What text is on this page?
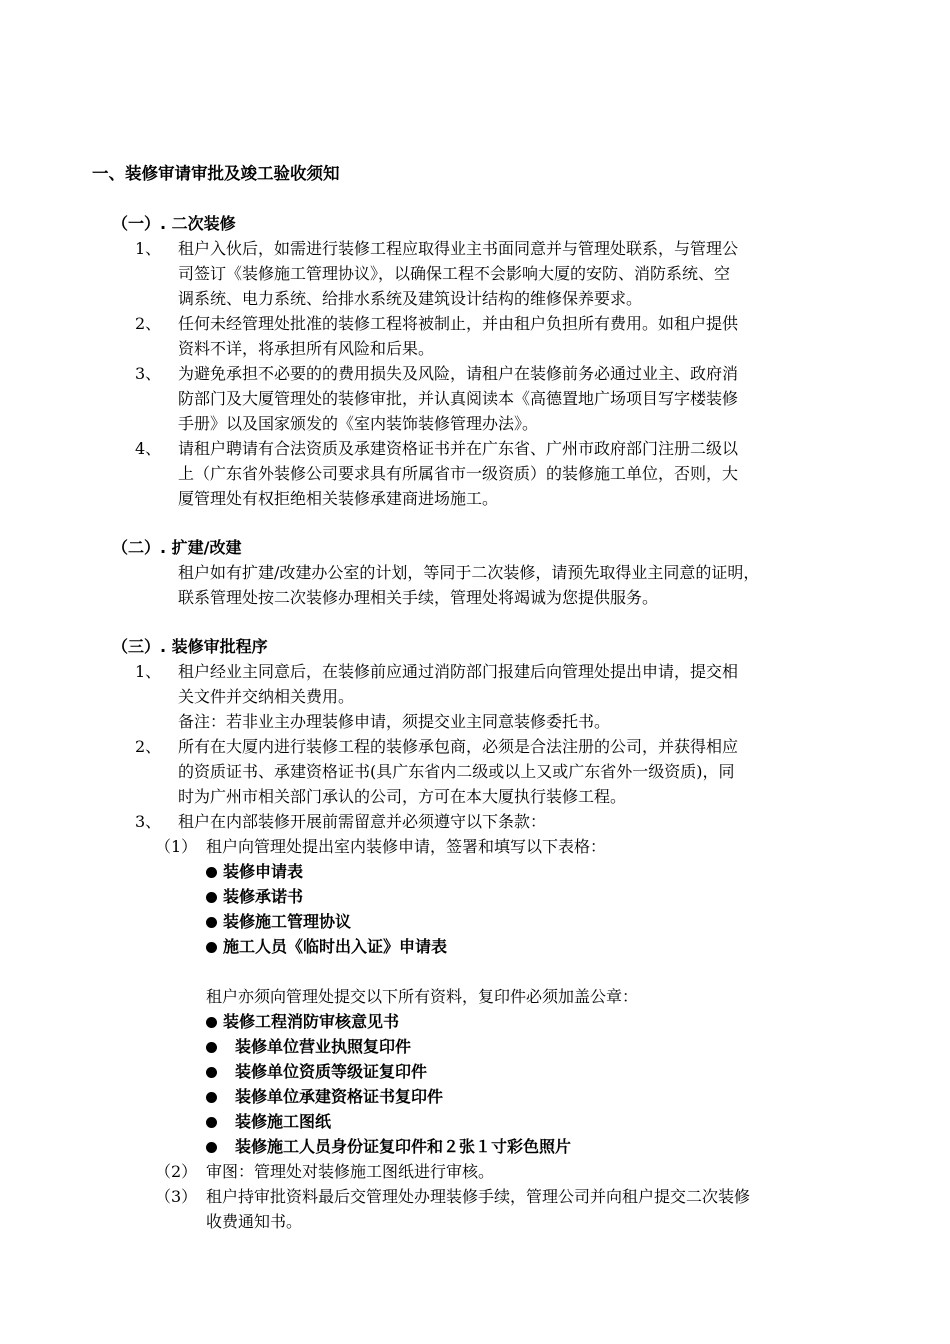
一、装修审请审批及竣工验收须知
（一）. 二次装修
1、 租户入伙后，如需进行装修工程应取得业主书面同意并与管理处联系，与管理公
司签订《装修施工管理协议》，以确保工程不会影响大厦的安防、消防系统、空
调系统、电力系统、给排水系统及建筑设计结构的维修保养要求。
2、 任何未经管理处批准的装修工程将被制止，并由租户负担所有费用。如租户提供
资料不详，将承担所有风险和后果。
3、 为避免承担不必要的的费用损失及风险，请租户在装修前务必通过业主、政府消
防部门及大厦管理处的装修审批，并认真阅读本《高德置地广场项目写字楼装修
手册》以及国家颁发的《室内装饰装修管理办法》。
4、 请租户聘请有合法资质及承建资格证书并在广东省、广州市政府部门注册二级以
上（广东省外装修公司要求具有所属省市一级资质）的装修施工单位，否则，大
厦管理处有权拒绝相关装修承建商进场施工。
（二）. 扩建/改建
租户如有扩建/改建办公室的计划，等同于二次装修，请预先取得业主同意的证明，
联系管理处按二次装修办理相关手续，管理处将竭诚为您提供服务。
（三）. 装修审批程序
1、 租户经业主同意后，在装修前应通过消防部门报建后向管理处提出申请，提交相
关文件并交纳相关费用。
备注：若非业主办理装修申请，须提交业主同意装修委托书。
2、 所有在大厦内进行装修工程的装修承包商，必须是合法注册的公司，并获得相应
的资质证书、承建资格证书(具广东省内二级或以上又或广东省外一级资质)，同
时为广州市相关部门承认的公司，方可在本大厦执行装修工程。
3、 租户在内部装修开展前需留意并必须遵守以下条款：
（1） 租户向管理处提出室内装修申请，签署和填写以下表格：
装修申请表
装修承诺书
装修施工管理协议
施工人员《临时出入证》申请表
租户亦须向管理处提交以下所有资料，复印件必须加盖公章：
装修工程消防审核意见书
装修单位营业执照复印件
装修单位资质等级证复印件
装修单位承建资格证书复印件
装修施工图纸
装修施工人员身份证复印件和２张１寸彩色照片
（2） 审图：管理处对装修施工图纸进行审核。
（3） 租户持审批资料最后交管理处办理装修手续，管理公司并向租户提交二次装修
收费通知书。
